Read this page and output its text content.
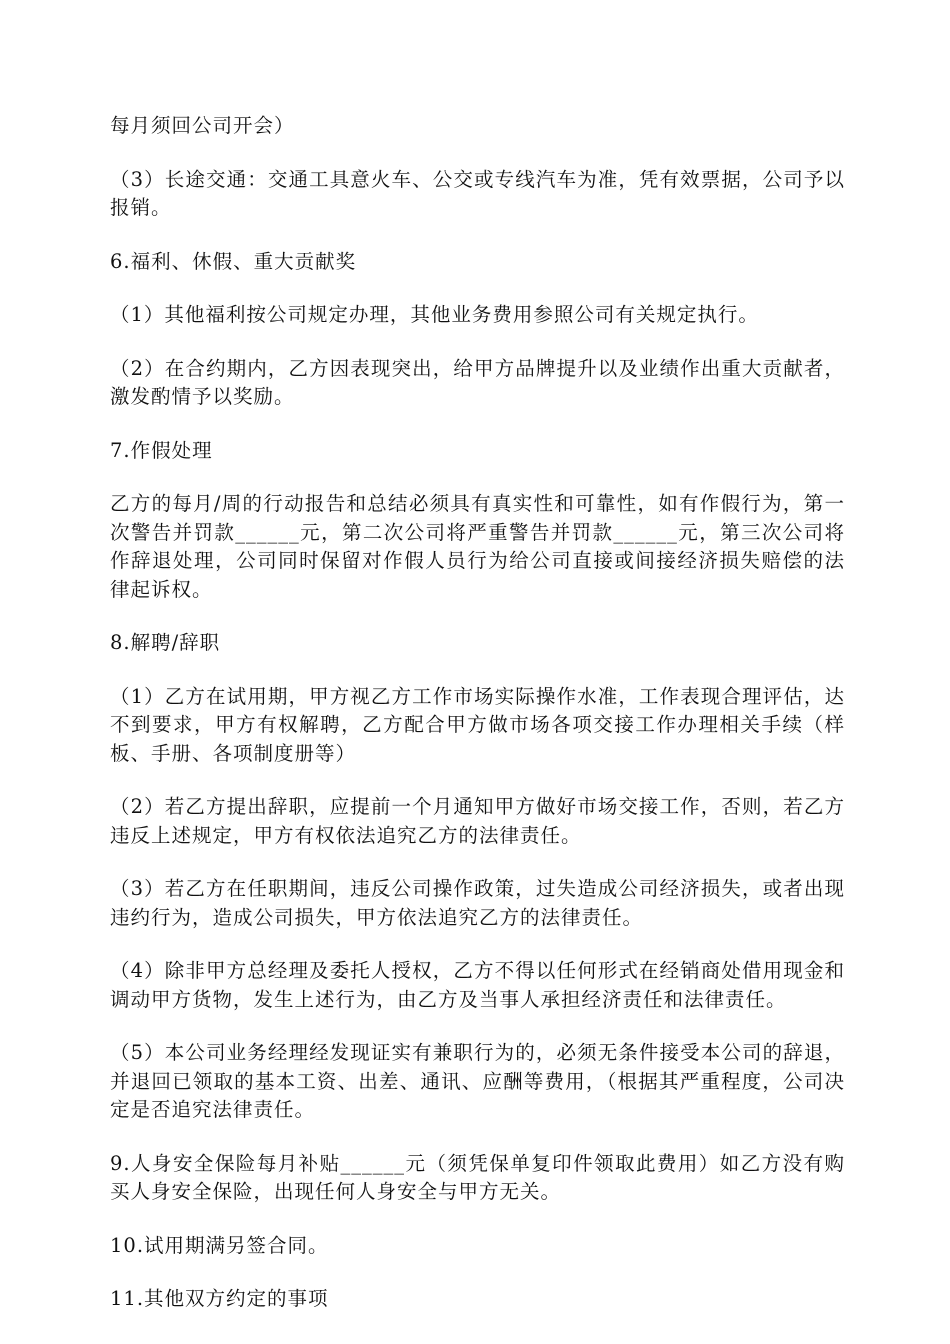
每月须回公司开会）

（3）长途交通：交通工具意火车、公交或专线汽车为准，凭有效票据，公司予以报销。

6.福利、休假、重大贡献奖

（1）其他福利按公司规定办理，其他业务费用参照公司有关规定执行。

（2）在合约期内，乙方因表现突出，给甲方品牌提升以及业绩作出重大贡献者，激发酌情予以奖励。

7.作假处理

乙方的每月/周的行动报告和总结必须具有真实性和可靠性，如有作假行为，第一次警告并罚款______元，第二次公司将严重警告并罚款______元，第三次公司将作辞退处理，公司同时保留对作假人员行为给公司直接或间接经济损失赔偿的法律起诉权。

8.解聘/辞职

（1）乙方在试用期，甲方视乙方工作市场实际操作水准，工作表现合理评估，达不到要求，甲方有权解聘，乙方配合甲方做市场各项交接工作办理相关手续（样板、手册、各项制度册等）

（2）若乙方提出辞职，应提前一个月通知甲方做好市场交接工作，否则，若乙方违反上述规定，甲方有权依法追究乙方的法律责任。

（3）若乙方在任职期间，违反公司操作政策，过失造成公司经济损失，或者出现违约行为，造成公司损失，甲方依法追究乙方的法律责任。

（4）除非甲方总经理及委托人授权，乙方不得以任何形式在经销商处借用现金和调动甲方货物，发生上述行为，由乙方及当事人承担经济责任和法律责任。

（5）本公司业务经理经发现证实有兼职行为的，必须无条件接受本公司的辞退，并退回已领取的基本工资、出差、通讯、应酬等费用，（根据其严重程度，公司决定是否追究法律责任。

9.人身安全保险每月补贴______元（须凭保单复印件领取此费用）如乙方没有购买人身安全保险，出现任何人身安全与甲方无关。

10.试用期满另签合同。

11.其他双方约定的事项
